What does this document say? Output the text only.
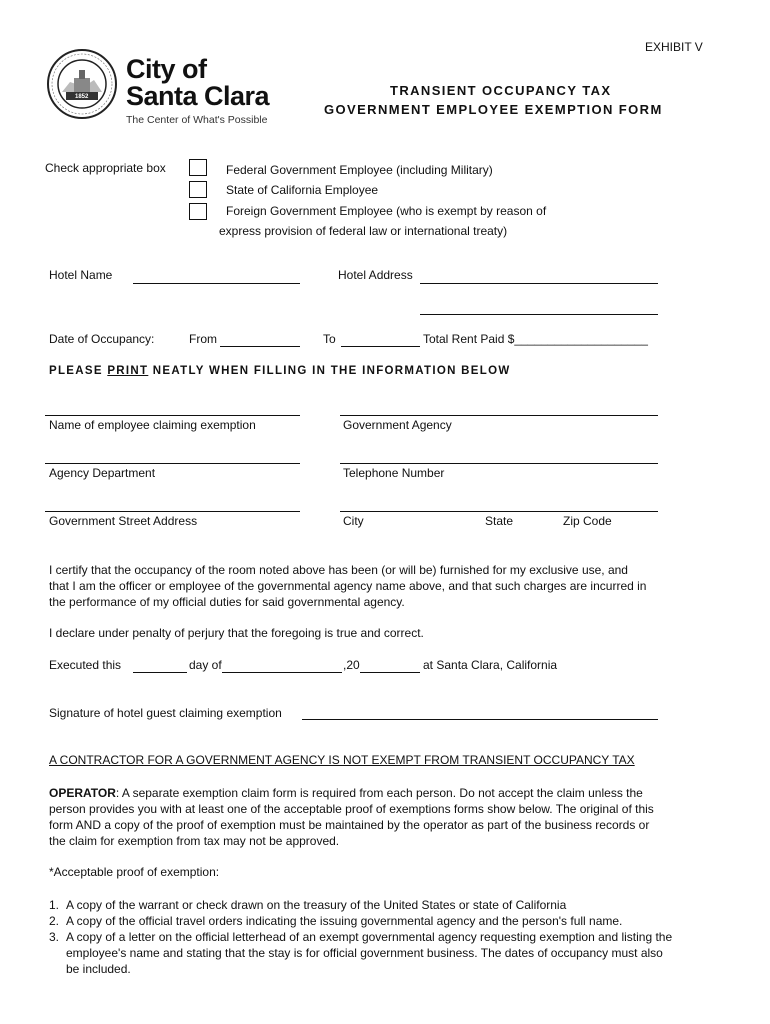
EXHIBIT V
1852
City of
Santa Clara
The Center of What's Possible
TRANSIENT OCCUPANCY TAX
GOVERNMENT EMPLOYEE EXEMPTION FORM
Check appropriate box	Federal Government Employee (including Military)
State of California Employee
Foreign Government Employee (who is exempt by reason of
express provision of federal law or international treaty)
Hotel Name	Hotel Address
Date of Occupancy:	From	To	Total Rent Paid $____________________
PLEASE PRINT NEATLY WHEN FILLING IN THE INFORMATION BELOW
Name of employee claiming exemption	Government Agency
Agency Department	Telephone Number
Government Street Address	City	State	Zip Code
I certify that the occupancy of the room noted above has been (or will be) furnished for my exclusive use, and that I am the officer or employee of the governmental agency name above, and that such charges are incurred in the performance of my official duties for said governmental agency.
I declare under penalty of perjury that the foregoing is true and correct.
Executed this	day of	,20	at Santa Clara, California
Signature of hotel guest claiming exemption
A CONTRACTOR FOR A GOVERNMENT AGENCY IS NOT EXEMPT FROM TRANSIENT OCCUPANCY TAX
OPERATOR: A separate exemption claim form is required from each person. Do not accept the claim unless the person provides you with at least one of the acceptable proof of exemptions forms show below. The original of this form AND a copy of the proof of exemption must be maintained by the operator as part of the business records or the claim for exemption from tax may not be approved.
*Acceptable proof of exemption:
1. A copy of the warrant or check drawn on the treasury of the United States or state of California
2. A copy of the official travel orders indicating the issuing governmental agency and the person's full name.
3. A copy of a letter on the official letterhead of an exempt governmental agency requesting exemption and listing the employee's name and stating that the stay is for official government business. The dates of occupancy must also be included.
